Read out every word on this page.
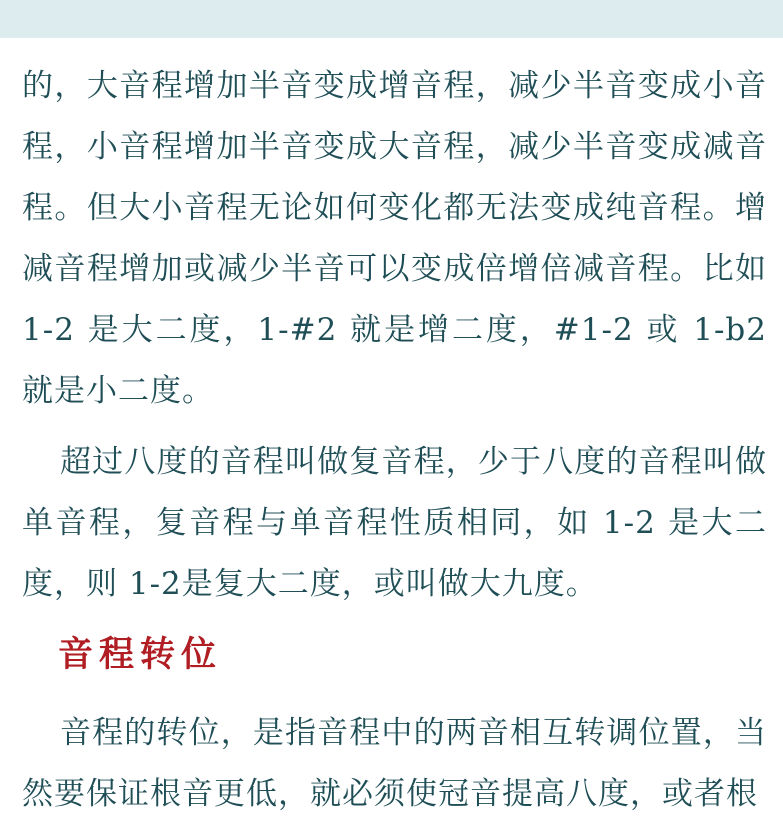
的，大音程增加半音变成增音程，减少半音变成小音程，小音程增加半音变成大音程，减少半音变成减音程。但大小音程无论如何变化都无法变成纯音程。增减音程增加或减少半音可以变成倍增倍减音程。比如 1-2 是大二度，1-#2 就是增二度，#1-2 或 1-b2 就是小二度。

超过八度的音程叫做复音程，少于八度的音程叫做单音程，复音程与单音程性质相同，如 1-2 是大二度，则 1-2̇是复大二度，或叫做大九度。

音程转位

音程的转位，是指音程中的两音相互转调位置，当然要保证根音更低，就必须使冠音提高八度，或者根
